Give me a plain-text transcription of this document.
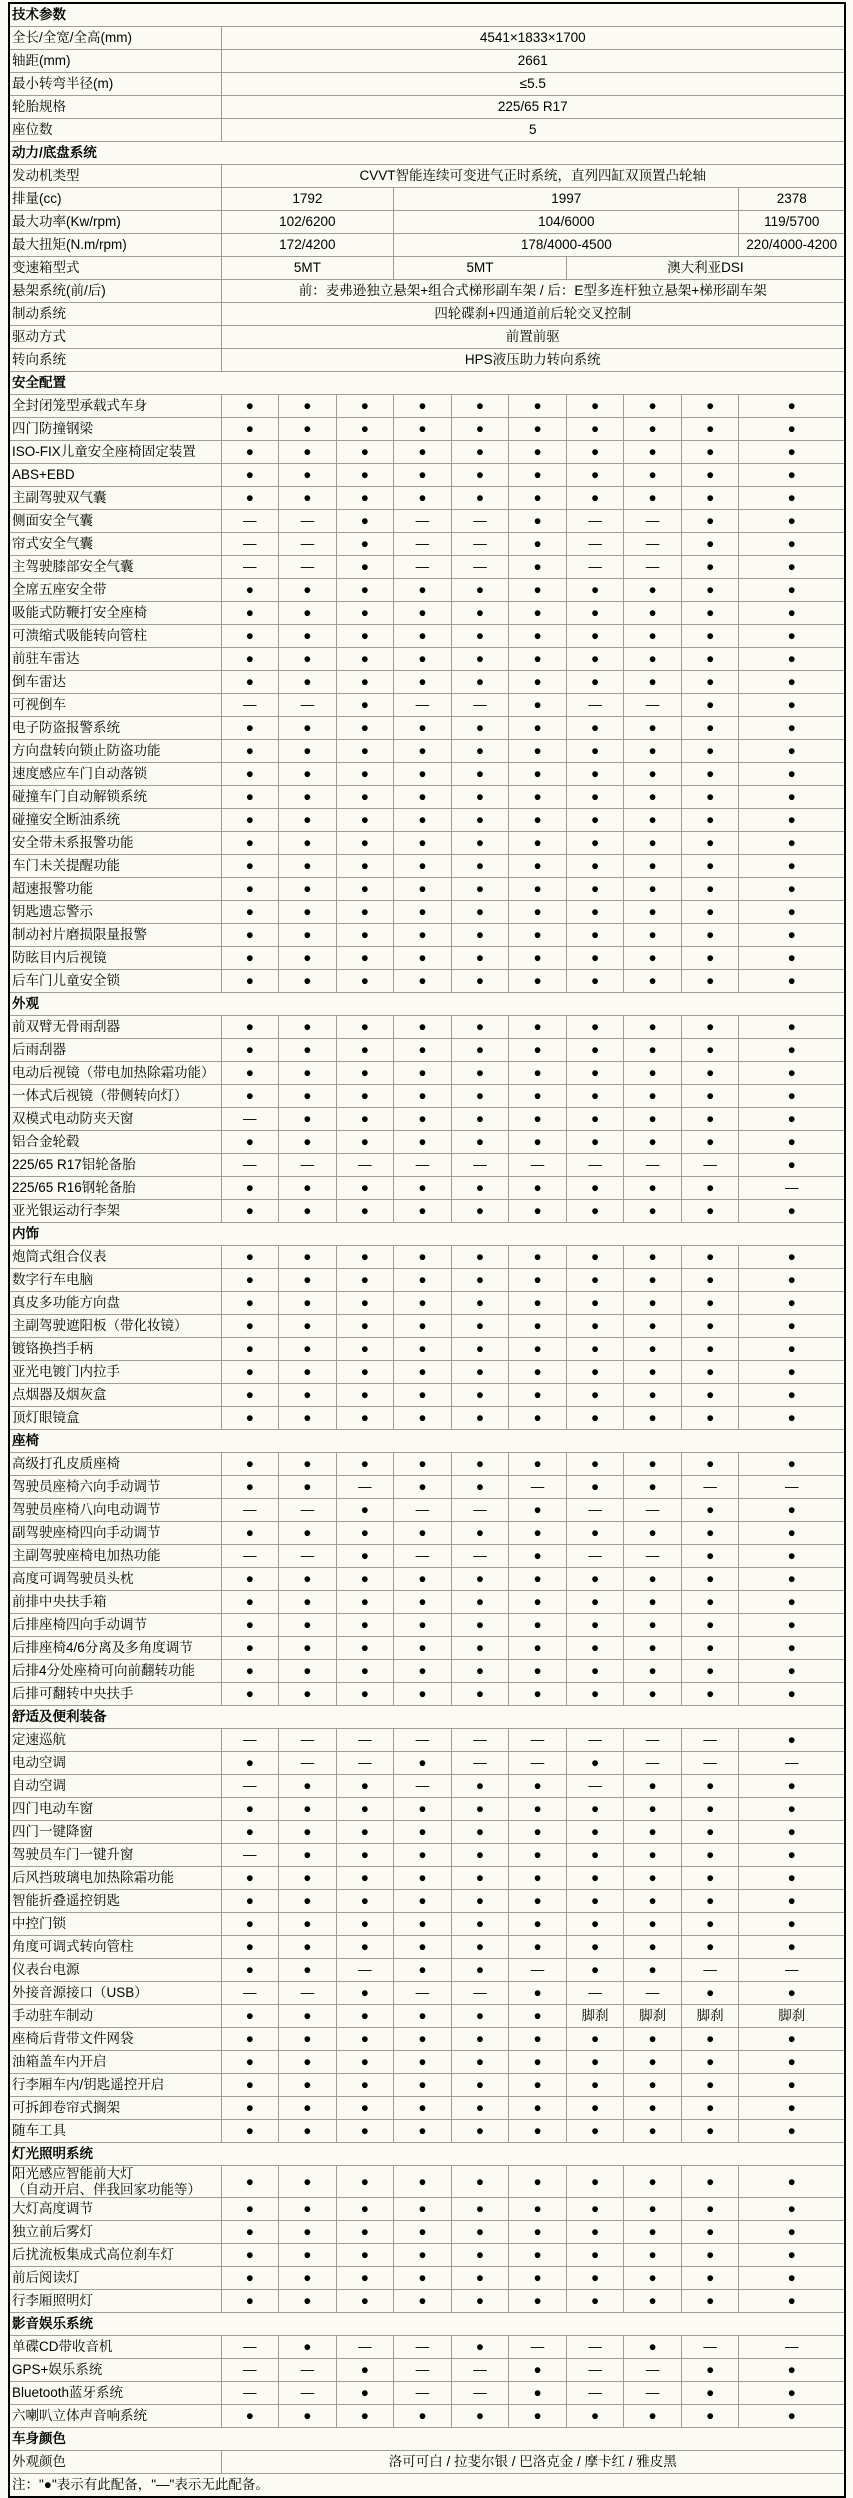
技术参数										
全长/全宽/全高(mm)	4541×1833×1700									
轴距(mm)	2661									
最小转弯半径(m)	≤5.5									
轮胎规格	225/65 R17									
座位数	5									
动力/底盘系统										
发动机类型	CVVT智能连续可变进气正时系统，直列四缸双顶置凸轮轴									
排量(cc)	1792			1997						2378
最大功率(Kw/rpm)	102/6200			104/6000						119/5700
最大扭矩(N.m/rpm)	172/4200			178/4000-4500						220/4000-4200
变速箱型式	5MT			5MT			澳大利亚DSI			
悬架系统(前/后)	前：麦弗逊独立悬架+组合式梯形副车架 / 后：E型多连杆独立悬架+梯形副车架									
制动系统	四轮碟刹+四通道前后轮交叉控制									
驱动方式	前置前驱									
转向系统	HPS液压助力转向系统									
安全配置										
全封闭笼型承载式车身	●	●	●	●	●	●	●	●	●	●
四门防撞钢梁	●	●	●	●	●	●	●	●	●	●
ISO-FIX儿童安全座椅固定装置	●	●	●	●	●	●	●	●	●	●
ABS+EBD	●	●	●	●	●	●	●	●	●	●
主副驾驶双气囊	●	●	●	●	●	●	●	●	●	●
侧面安全气囊	—	—	●	—	—	●	—	—	●	●
帘式安全气囊	—	—	●	—	—	●	—	—	●	●
主驾驶膝部安全气囊	—	—	●	—	—	●	—	—	●	●
全席五座安全带	●	●	●	●	●	●	●	●	●	●
吸能式防鞭打安全座椅	●	●	●	●	●	●	●	●	●	●
可溃缩式吸能转向管柱	●	●	●	●	●	●	●	●	●	●
前驻车雷达	●	●	●	●	●	●	●	●	●	●
倒车雷达	●	●	●	●	●	●	●	●	●	●
可视倒车	—	—	●	—	—	●	—	—	●	●
电子防盗报警系统	●	●	●	●	●	●	●	●	●	●
方向盘转向锁止防盗功能	●	●	●	●	●	●	●	●	●	●
速度感应车门自动落锁	●	●	●	●	●	●	●	●	●	●
碰撞车门自动解锁系统	●	●	●	●	●	●	●	●	●	●
碰撞安全断油系统	●	●	●	●	●	●	●	●	●	●
安全带未系报警功能	●	●	●	●	●	●	●	●	●	●
车门未关提醒功能	●	●	●	●	●	●	●	●	●	●
超速报警功能	●	●	●	●	●	●	●	●	●	●
钥匙遗忘警示	●	●	●	●	●	●	●	●	●	●
制动衬片磨损限量报警	●	●	●	●	●	●	●	●	●	●
防眩目内后视镜	●	●	●	●	●	●	●	●	●	●
后车门儿童安全锁	●	●	●	●	●	●	●	●	●	●
外观										
前双臂无骨雨刮器	●	●	●	●	●	●	●	●	●	●
后雨刮器	●	●	●	●	●	●	●	●	●	●
电动后视镜（带电加热除霜功能）	●	●	●	●	●	●	●	●	●	●
一体式后视镜（带侧转向灯）	●	●	●	●	●	●	●	●	●	●
双模式电动防夹天窗	—	●	●	●	●	●	●	●	●	●
铝合金轮毂	●	●	●	●	●	●	●	●	●	●
225/65 R17铝轮备胎	—	—	—	—	—	—	—	—	—	●
225/65 R16钢轮备胎	●	●	●	●	●	●	●	●	●	—
亚光银运动行李架	●	●	●	●	●	●	●	●	●	●
内饰										
炮筒式组合仪表	●	●	●	●	●	●	●	●	●	●
数字行车电脑	●	●	●	●	●	●	●	●	●	●
真皮多功能方向盘	●	●	●	●	●	●	●	●	●	●
主副驾驶遮阳板（带化妆镜）	●	●	●	●	●	●	●	●	●	●
镀铬换挡手柄	●	●	●	●	●	●	●	●	●	●
亚光电镀门内拉手	●	●	●	●	●	●	●	●	●	●
点烟器及烟灰盒	●	●	●	●	●	●	●	●	●	●
顶灯眼镜盒	●	●	●	●	●	●	●	●	●	●
座椅										
高级打孔皮质座椅	●	●	●	●	●	●	●	●	●	●
驾驶员座椅六向手动调节	●	●	—	●	●	—	●	●	—	—
驾驶员座椅八向电动调节	—	—	●	—	—	●	—	—	●	●
副驾驶座椅四向手动调节	●	●	●	●	●	●	●	●	●	●
主副驾驶座椅电加热功能	—	—	●	—	—	●	—	—	●	●
高度可调驾驶员头枕	●	●	●	●	●	●	●	●	●	●
前排中央扶手箱	●	●	●	●	●	●	●	●	●	●
后排座椅四向手动调节	●	●	●	●	●	●	●	●	●	●
后排座椅4/6分离及多角度调节	●	●	●	●	●	●	●	●	●	●
后排4分处座椅可向前翻转功能	●	●	●	●	●	●	●	●	●	●
后排可翻转中央扶手	●	●	●	●	●	●	●	●	●	●
舒适及便利装备										
定速巡航	—	—	—	—	—	—	—	—	—	●
电动空调	●	—	—	●	—	—	●	—	—	—
自动空调	—	●	●	—	●	●	—	●	●	●
四门电动车窗	●	●	●	●	●	●	●	●	●	●
四门一键降窗	●	●	●	●	●	●	●	●	●	●
驾驶员车门一键升窗	—	●	●	●	●	●	●	●	●	●
后风挡玻璃电加热除霜功能	●	●	●	●	●	●	●	●	●	●
智能折叠遥控钥匙	●	●	●	●	●	●	●	●	●	●
中控门锁	●	●	●	●	●	●	●	●	●	●
角度可调式转向管柱	●	●	●	●	●	●	●	●	●	●
仪表台电源	●	●	—	●	●	—	●	●	—	—
外接音源接口（USB）	—	—	●	—	—	●	—	—	●	●
手动驻车制动	●	●	●	●	●	●	脚刹	脚刹	脚刹	脚刹
座椅后背带文件网袋	●	●	●	●	●	●	●	●	●	●
油箱盖车内开启	●	●	●	●	●	●	●	●	●	●
行李厢车内/钥匙遥控开启	●	●	●	●	●	●	●	●	●	●
可拆卸卷帘式搁架	●	●	●	●	●	●	●	●	●	●
随车工具	●	●	●	●	●	●	●	●	●	●
灯光照明系统										
阳光感应智能前大灯
（自动开启、伴我回家功能等）	●	●	●	●	●	●	●	●	●	●
大灯高度调节	●	●	●	●	●	●	●	●	●	●
独立前后雾灯	●	●	●	●	●	●	●	●	●	●
后扰流板集成式高位刹车灯	●	●	●	●	●	●	●	●	●	●
前后阅读灯	●	●	●	●	●	●	●	●	●	●
行李厢照明灯	●	●	●	●	●	●	●	●	●	●
影音娱乐系统										
单碟CD带收音机	—	●	—	—	●	—	—	●	—	—
GPS+娱乐系统	—	—	●	—	—	●	—	—	●	●
Bluetooth蓝牙系统	—	—	●	—	—	●	—	—	●	●
六喇叭立体声音响系统	●	●	●	●	●	●	●	●	●	●
车身颜色										
外观颜色	洛可可白 / 拉斐尔银 / 巴洛克金 / 摩卡红 / 雅皮黑									
注："●"表示有此配备，"—"表示无此配备。										
